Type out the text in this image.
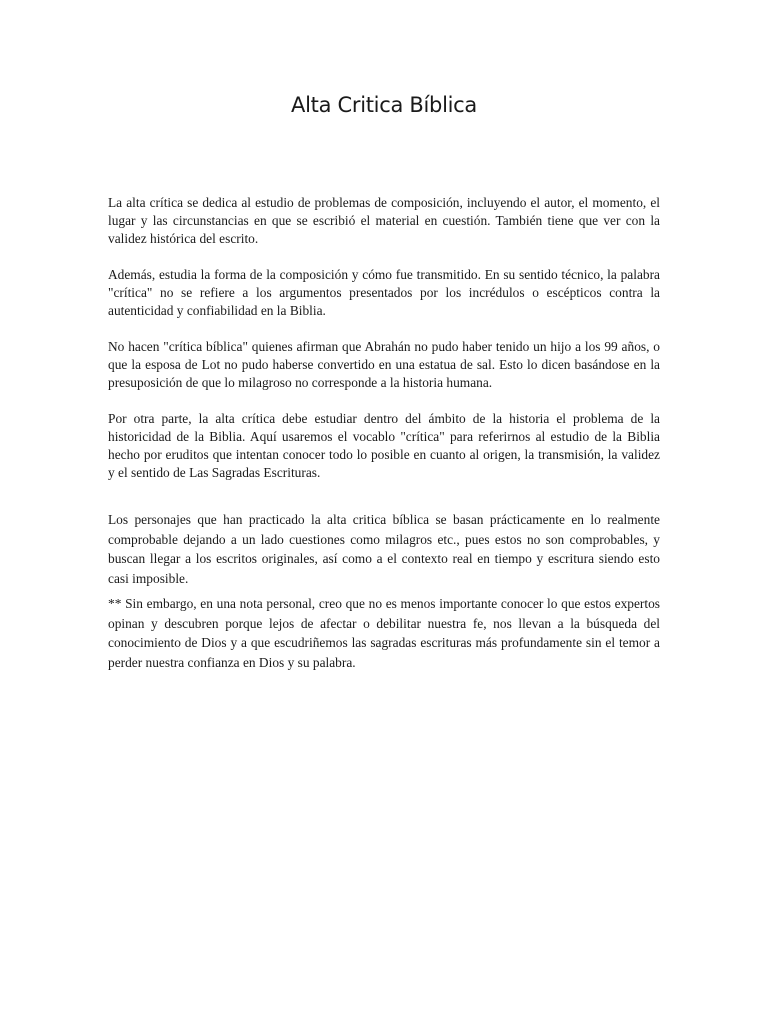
Alta Critica Bíblica

La alta crítica se dedica al estudio de problemas de composición, incluyendo el autor, el momento, el lugar y las circunstancias en que se escribió el material en cuestión. También tiene que ver con la validez histórica del escrito.

Además, estudia la forma de la composición y cómo fue transmitido. En su sentido técnico, la palabra "crítica" no se refiere a los argumentos presentados por los incrédulos o escépticos contra la autenticidad y confiabilidad en la Biblia.

No hacen "crítica bíblica" quienes afirman que Abrahán no pudo haber tenido un hijo a los 99 años, o que la esposa de Lot no pudo haberse convertido en una estatua de sal. Esto lo dicen basándose en la presuposición de que lo milagroso no corresponde a la historia humana.

Por otra parte, la alta crítica debe estudiar dentro del ámbito de la historia el problema de la historicidad de la Biblia. Aquí usaremos el vocablo "crítica" para referirnos al estudio de la Biblia hecho por eruditos que intentan conocer todo lo posible en cuanto al origen, la transmisión, la validez y el sentido de Las Sagradas Escrituras.

Los personajes que han practicado la alta critica bíblica se basan prácticamente en lo realmente comprobable dejando a un lado cuestiones como milagros etc., pues estos no son comprobables, y buscan llegar a los escritos originales, así como a el contexto real en tiempo y escritura siendo esto casi imposible.

** Sin embargo, en una nota personal, creo que no es menos importante conocer lo que estos expertos opinan y descubren porque lejos de afectar o debilitar nuestra fe, nos llevan a la búsqueda del conocimiento de Dios y a que escudriñemos las sagradas escrituras más profundamente sin el temor a perder nuestra confianza en Dios y su palabra.
